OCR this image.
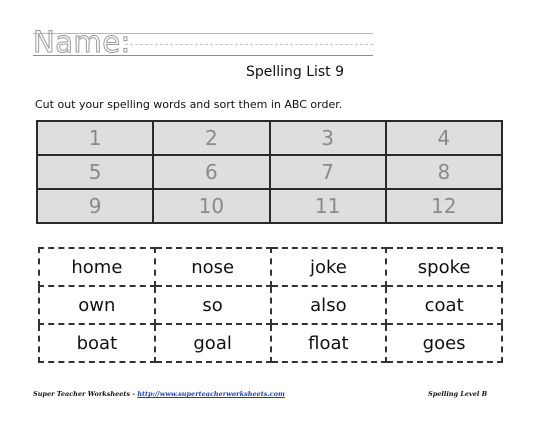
Name:
Spelling List 9
Cut out your spelling words and sort them in ABC order.
1	2	3	4
5	6	7	8
9	10	11	12
home	nose	joke	spoke
own	so	also	coat
boat	goal	float	goes
Super Teacher Worksheets - http://www.superteacherworksheets.com	Spelling Level B
